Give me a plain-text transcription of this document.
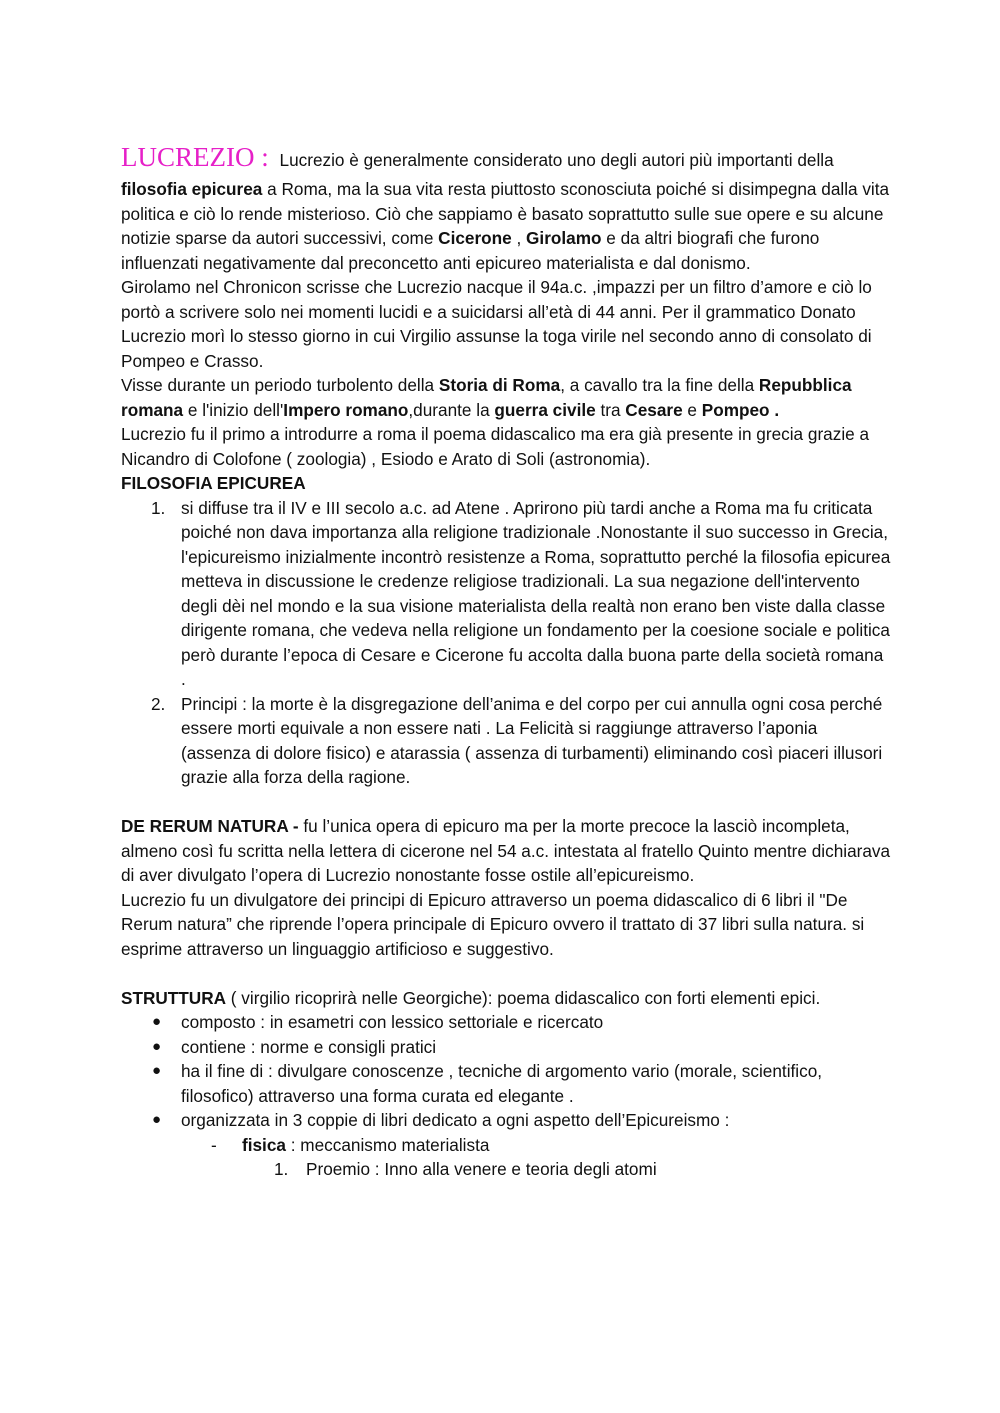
LUCREZIO : Lucrezio è generalmente considerato uno degli autori più importanti della

filosofia epicurea a Roma, ma la sua vita resta piuttosto sconosciuta poiché si disimpegna dalla vita politica e ciò lo rende misterioso. Ciò che sappiamo è basato soprattutto sulle sue opere e su alcune notizie sparse da autori successivi, come Cicerone , Girolamo e da altri biografi che furono influenzati negativamente dal preconcetto anti epicureo materialista e dal donismo.

Girolamo nel Chronicon scrisse che Lucrezio nacque il 94a.c. ,impazzi per un filtro d’amore e ciò lo portò a scrivere solo nei momenti lucidi e a suicidarsi all’età di 44 anni. Per il grammatico Donato Lucrezio morì lo stesso giorno in cui Virgilio assunse la toga virile nel secondo anno di consolato di Pompeo e Crasso.

Visse durante un periodo turbolento della Storia di Roma, a cavallo tra la fine della Repubblica romana e l'inizio dell'Impero romano,durante la guerra civile tra Cesare e Pompeo .

Lucrezio fu il primo a introdurre a roma il poema didascalico ma era già presente in grecia grazie a Nicandro di Colofone ( zoologia) , Esiodo e Arato di Soli (astronomia).

FILOSOFIA EPICUREA

1. si diffuse tra il IV e III secolo a.c. ad Atene . Aprirono più tardi anche a Roma ma fu criticata poiché non dava importanza alla religione tradizionale .Nonostante il suo successo in Grecia, l'epicureismo inizialmente incontrò resistenze a Roma, soprattutto perché la filosofia epicurea metteva in discussione le credenze religiose tradizionali. La sua negazione dell'intervento degli dèi nel mondo e la sua visione materialista della realtà non erano ben viste dalla classe dirigente romana, che vedeva nella religione un fondamento per la coesione sociale e politica però durante l’epoca di Cesare e Cicerone fu accolta dalla buona parte della società romana .
2. Principi : la morte è la disgregazione dell’anima e del corpo per cui annulla ogni cosa perché essere morti equivale a non essere nati . La Felicità si raggiunge attraverso l’aponia (assenza di dolore fisico) e atarassia ( assenza di turbamenti) eliminando così piaceri illusori grazie alla forza della ragione.

DE RERUM NATURA - fu l’unica opera di epicuro ma per la morte precoce la lasciò incompleta, almeno così fu scritta nella lettera di cicerone nel 54 a.c. intestata al fratello Quinto mentre dichiarava di aver divulgato l’opera di Lucrezio nonostante fosse ostile all’epicureismo.

Lucrezio fu un divulgatore dei principi di Epicuro attraverso un poema didascalico di 6 libri il "De Rerum natura” che riprende l’opera principale di Epicuro ovvero il trattato di 37 libri sulla natura. si esprime attraverso un linguaggio artificioso e suggestivo.

STRUTTURA ( virgilio ricoprirà nelle Georgiche): poema didascalico con forti elementi epici.

● composto : in esametri con lessico settoriale e ricercato
● contiene : norme e consigli pratici
● ha il fine di : divulgare conoscenze , tecniche di argomento vario (morale, scientifico, filosofico) attraverso una forma curata ed elegante .
● organizzata in 3 coppie di libri dedicato a ogni aspetto dell’Epicureismo :

- fisica : meccanismo materialista

1. Proemio : Inno alla venere e teoria degli atomi
